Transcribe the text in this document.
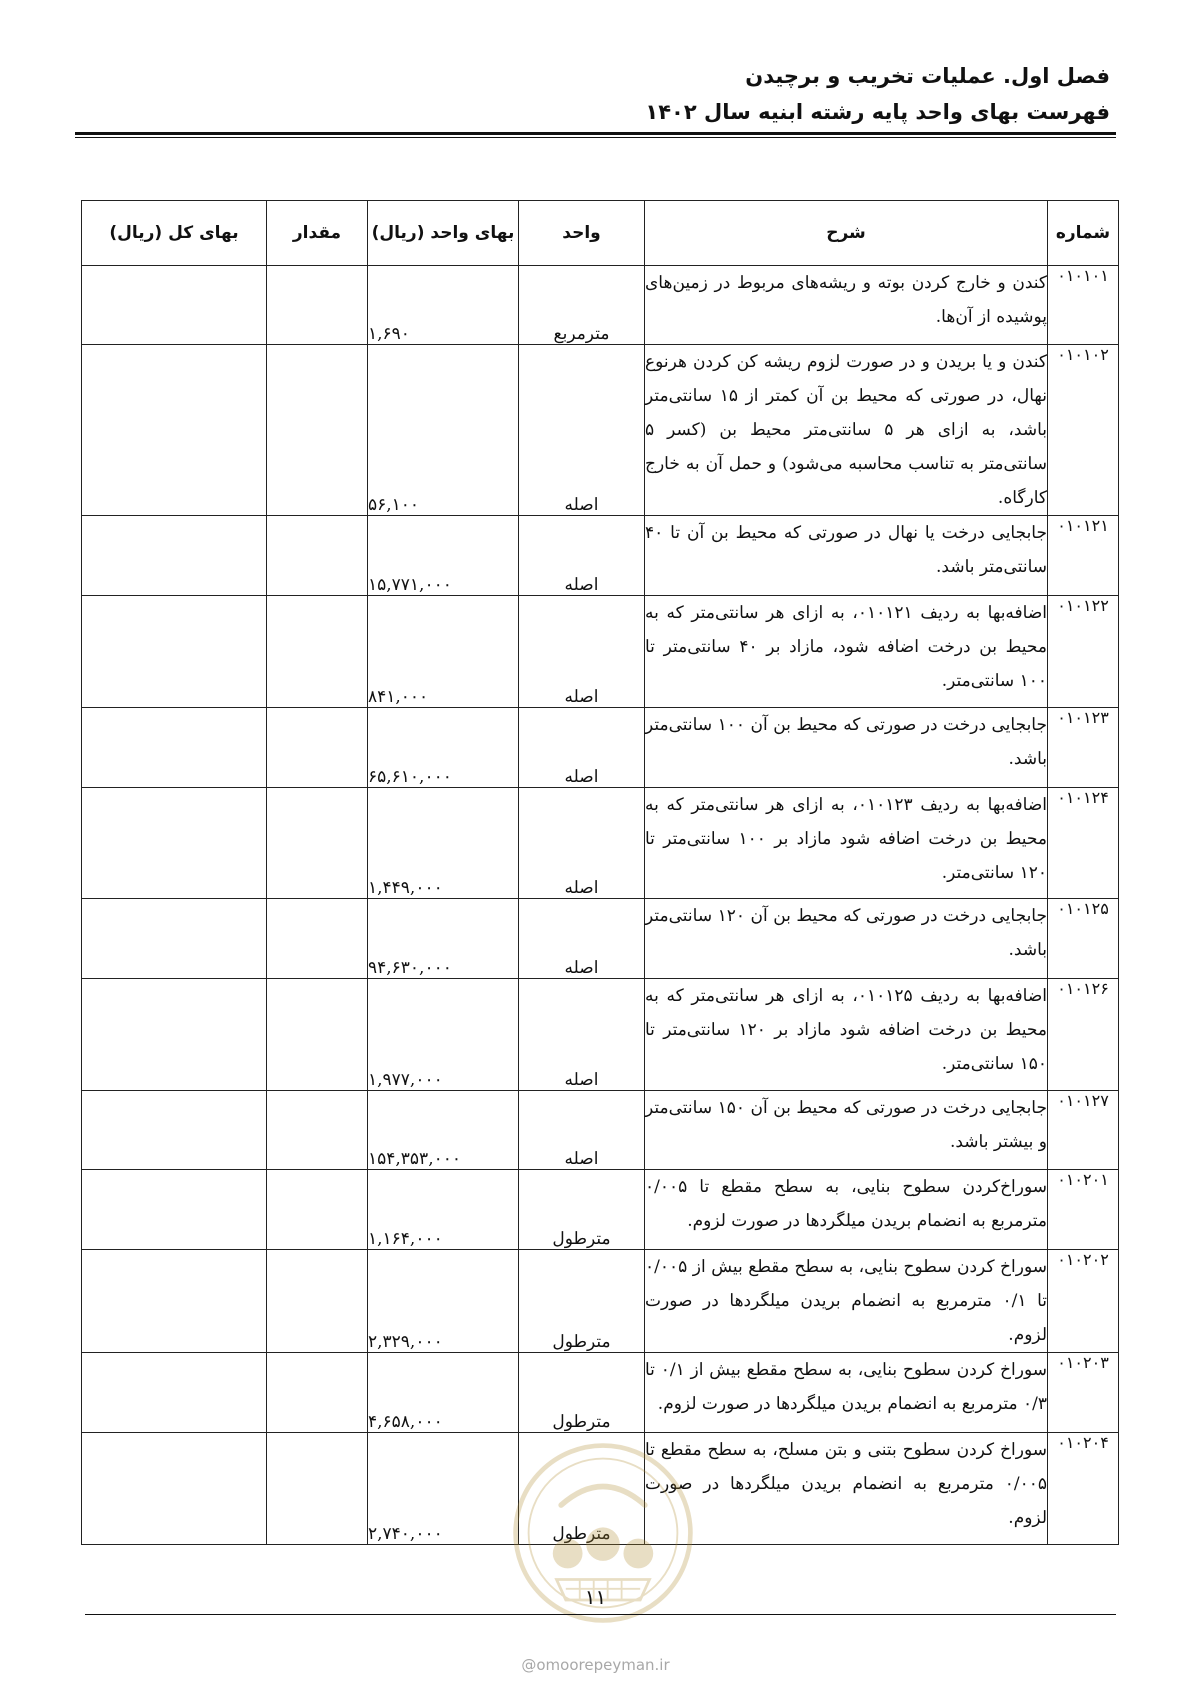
فصل اول. عملیات تخریب و برچیدن
فهرست بهای واحد پایه رشته ابنیه سال ۱۴۰۲
شماره	شرح	واحد	بهای واحد (ریال)	مقدار	بهای کل (ریال)
۰۱۰۱۰۱	کندن و خارج کردن بوته و ریشه‌های مربوط در زمین‌های پوشیده از آن‌ها.	مترمربع	۱,۶۹۰		
۰۱۰۱۰۲	کندن و یا بریدن و در صورت لزوم ریشه کن کردن هرنوع نهال، در صورتی که محیط بن آن کمتر از ۱۵ سانتی‌متر باشد، به ازای هر ۵ سانتی‌متر محیط بن (کسر ۵ سانتی‌متر به تناسب محاسبه می‌شود) و حمل آن به خارج کارگاه.	اصله	۵۶,۱۰۰		
۰۱۰۱۲۱	جابجایی درخت یا نهال در صورتی که محیط بن آن تا ۴۰ سانتی‌متر باشد.	اصله	۱۵,۷۷۱,۰۰۰		
۰۱۰۱۲۲	اضافه‌بها به ردیف ۰۱۰۱۲۱، به ازای هر سانتی‌متر که به محیط بن درخت اضافه شود، مازاد بر ۴۰ سانتی‌متر تا ۱۰۰ سانتی‌متر.	اصله	۸۴۱,۰۰۰		
۰۱۰۱۲۳	جابجایی درخت در صورتی که محیط بن آن ۱۰۰ سانتی‌متر باشد.	اصله	۶۵,۶۱۰,۰۰۰		
۰۱۰۱۲۴	اضافه‌بها به ردیف ۰۱۰۱۲۳، به ازای هر سانتی‌متر که به محیط بن درخت اضافه شود مازاد بر ۱۰۰ سانتی‌متر تا ۱۲۰ سانتی‌متر.	اصله	۱,۴۴۹,۰۰۰		
۰۱۰۱۲۵	جابجایی درخت در صورتی که محیط بن آن ۱۲۰ سانتی‌متر باشد.	اصله	۹۴,۶۳۰,۰۰۰		
۰۱۰۱۲۶	اضافه‌بها به ردیف ۰۱۰۱۲۵، به ازای هر سانتی‌متر که به محیط بن درخت اضافه شود مازاد بر ۱۲۰ سانتی‌متر تا ۱۵۰ سانتی‌متر.	اصله	۱,۹۷۷,۰۰۰		
۰۱۰۱۲۷	جابجایی درخت در صورتی که محیط بن آن ۱۵۰ سانتی‌متر و بیشتر باشد.	اصله	۱۵۴,۳۵۳,۰۰۰		
۰۱۰۲۰۱	سوراخ‌کردن سطوح بنایی، به سطح مقطع تا ۰/۰۰۵ مترمربع به انضمام بریدن میلگردها در صورت لزوم.	مترطول	۱,۱۶۴,۰۰۰		
۰۱۰۲۰۲	سوراخ کردن سطوح بنایی، به سطح مقطع بیش از ۰/۰۰۵ تا ۰/۱ مترمربع به انضمام بریدن میلگردها در صورت لزوم.	مترطول	۲,۳۲۹,۰۰۰		
۰۱۰۲۰۳	سوراخ کردن سطوح بنایی، به سطح مقطع بیش از ۰/۱ تا ۰/۳ مترمربع به انضمام بریدن میلگردها در صورت لزوم.	مترطول	۴,۶۵۸,۰۰۰		
۰۱۰۲۰۴	سوراخ کردن سطوح بتنی و بتن مسلح، به سطح مقطع تا ۰/۰۰۵ مترمربع به انضمام بریدن میلگردها در صورت لزوم.	مترطول	۲,۷۴۰,۰۰۰		
۱۱
@omoorepeyman.ir
